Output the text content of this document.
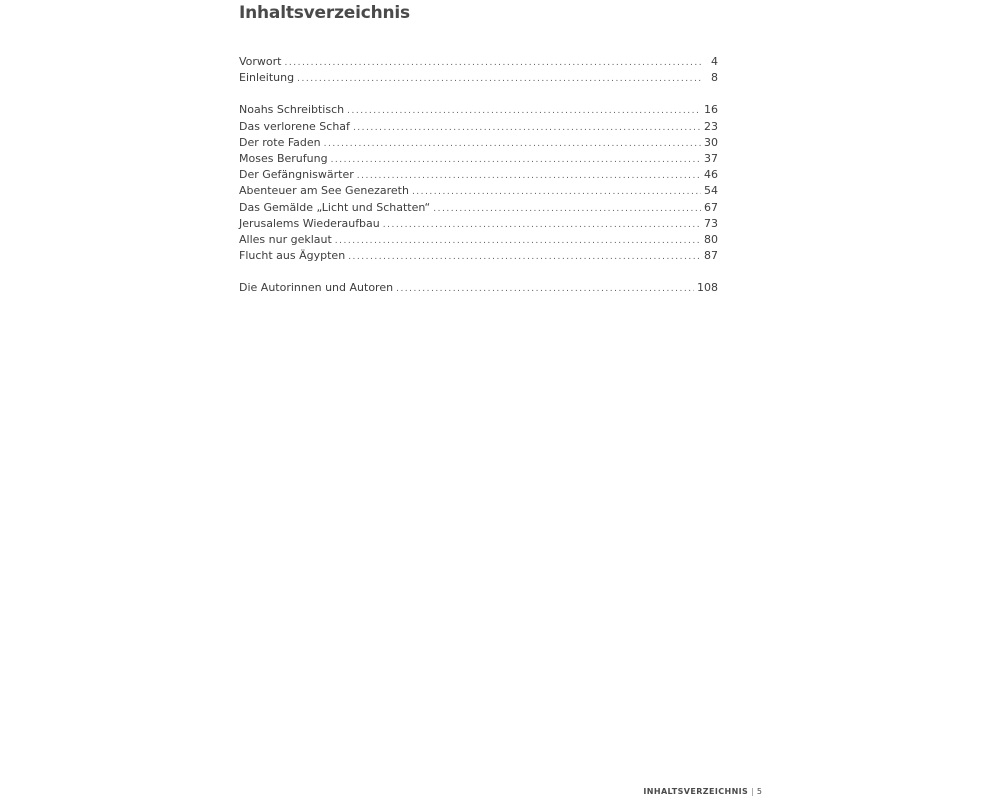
Inhaltsverzeichnis
Vorwort .....	4
Einleitung .....	8
Noahs Schreibtisch .....	16
Das verlorene Schaf .....	23
Der rote Faden .....	30
Moses Berufung .....	37
Der Gefängniswärter .....	46
Abenteuer am See Genezareth .....	54
Das Gemälde „Licht und Schatten“ .....	67
Jerusalems Wiederaufbau .....	73
Alles nur geklaut .....	80
Flucht aus Ägypten .....	87
Die Autorinnen und Autoren .....	108
INHALTSVERZEICHNIS | 5
